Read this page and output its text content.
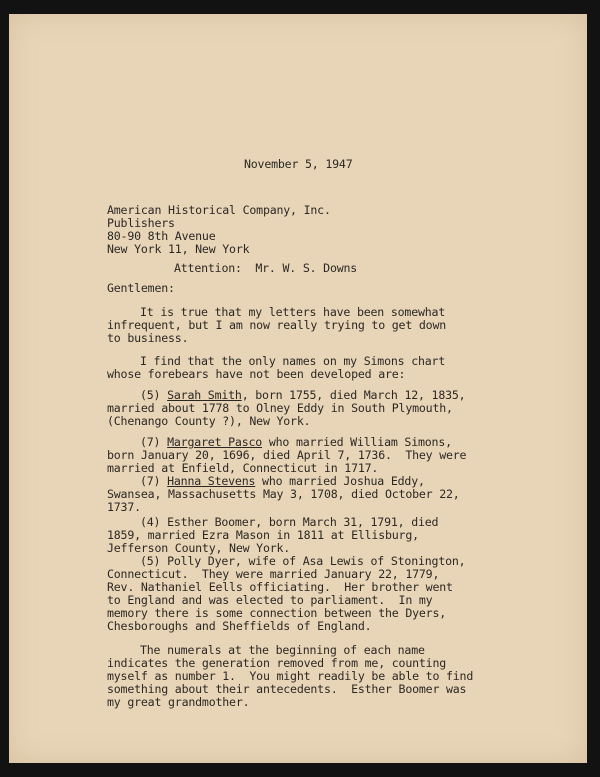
November 5, 1947
American Historical Company, Inc.
Publishers
80-90 8th Avenue
New York 11, New York
Attention:  Mr. W. S. Downs
Gentlemen:
It is true that my letters have been somewhat
infrequent, but I am now really trying to get down
to business.
I find that the only names on my Simons chart
whose forebears have not been developed are:
(5) Sarah Smith, born 1755, died March 12, 1835,
married about 1778 to Olney Eddy in South Plymouth,
(Chenango County ?), New York.
(7) Margaret Pasco who married William Simons,
born January 20, 1696, died April 7, 1736.  They were
married at Enfield, Connecticut in 1717.
(7) Hanna Stevens who married Joshua Eddy,
Swansea, Massachusetts May 3, 1708, died October 22,
1737.
(4) Esther Boomer, born March 31, 1791, died
1859, married Ezra Mason in 1811 at Ellisburg,
Jefferson County, New York.
(5) Polly Dyer, wife of Asa Lewis of Stonington,
Connecticut.  They were married January 22, 1779,
Rev. Nathaniel Eells officiating.  Her brother went
to England and was elected to parliament.  In my
memory there is some connection between the Dyers,
Chesboroughs and Sheffields of England.
The numerals at the beginning of each name
indicates the generation removed from me, counting
myself as number 1.  You might readily be able to find
something about their antecedents.  Esther Boomer was
my great grandmother.
